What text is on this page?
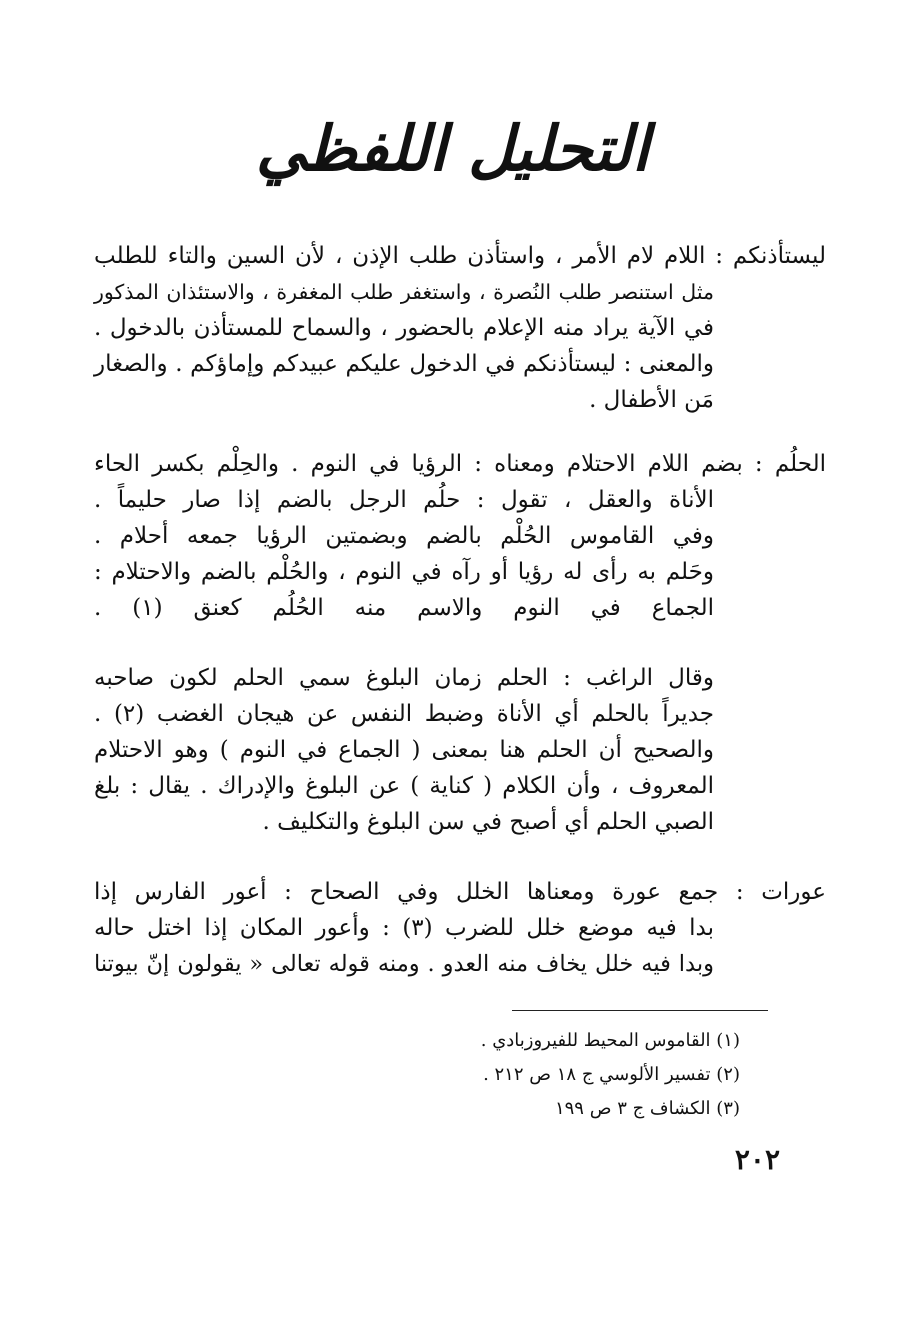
التحليل اللفظي
ليستأذنكم : اللام لام الأمر ، واستأذن طلب الإذن ، لأن السين والتاء للطلب
مثل استنصر طلب النُصرة ، واستغفر طلب المغفرة ، والاستئذان المذكور
في الآية يراد منه الإعلام بالحضور ، والسماح للمستأذن بالدخول .
والمعنى : ليستأذنكم في الدخول عليكم عبيدكم وإماؤكم . والصغار
مَن الأطفال .
الحلُم : بضم اللام الاحتلام ومعناه : الرؤيا في النوم . والحِلْم بكسر الحاء
الأناة والعقل ، تقول : حلُم الرجل بالضم إذا صار حليماً .
وفي القاموس الحُلْم بالضم وبضمتين الرؤيا جمعه أحلام .
وحَلم به رأى له رؤيا أو رآه في النوم ، والحُلْم بالضم والاحتلام :
الجماع في النوم والاسم منه الحُلُم كعنق (١) .
وقال الراغب : الحلم زمان البلوغ سمي الحلم لكون صاحبه
جديراً بالحلم أي الأناة وضبط النفس عن هيجان الغضب (٢) .
والصحيح أن الحلم هنا بمعنى ( الجماع في النوم ) وهو الاحتلام
المعروف ، وأن الكلام ( كناية ) عن البلوغ والإدراك . يقال : بلغ
الصبي الحلم أي أصبح في سن البلوغ والتكليف .
عورات : جمع عورة ومعناها الخلل وفي الصحاح : أعور الفارس إذا
بدا فيه موضع خلل للضرب (٣) : وأعور المكان إذا اختل حاله
وبدا فيه خلل يخاف منه العدو . ومنه قوله تعالى « يقولون إنّ بيوتنا
(١) القاموس المحيط للفيروزبادي .
(٢) تفسير الألوسي ج ١٨ ص ٢١٢ .
(٣) الكشاف ج ٣ ص ١٩٩
٢٠٢
